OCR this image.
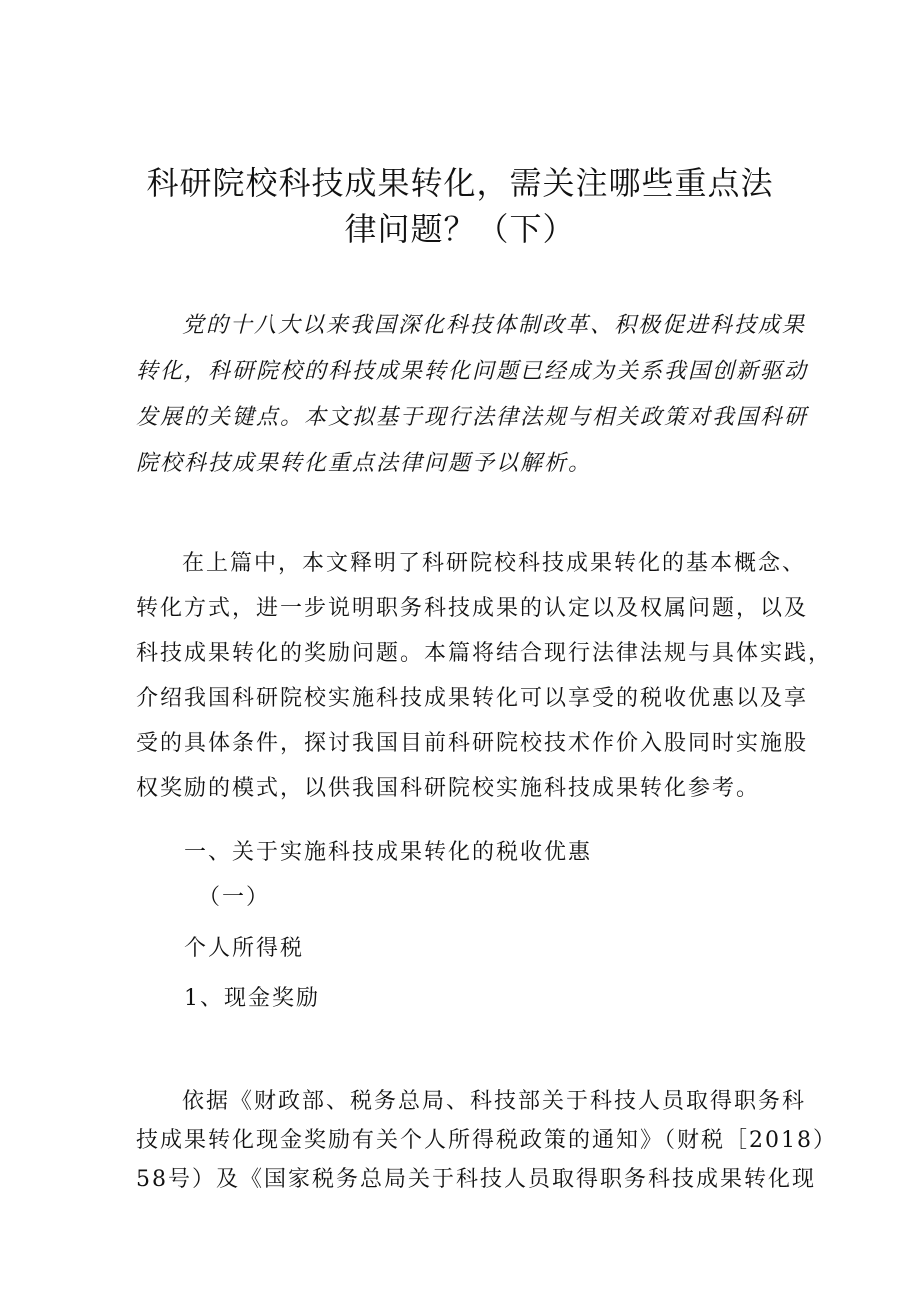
科研院校科技成果转化，需关注哪些重点法
律问题？（下）
党的十八大以来我国深化科技体制改革、积极促进科技成果
转化，科研院校的科技成果转化问题已经成为关系我国创新驱动
发展的关键点。本文拟基于现行法律法规与相关政策对我国科研
院校科技成果转化重点法律问题予以解析。
在上篇中，本文释明了科研院校科技成果转化的基本概念、
转化方式，进一步说明职务科技成果的认定以及权属问题，以及
科技成果转化的奖励问题。本篇将结合现行法律法规与具体实践，
介绍我国科研院校实施科技成果转化可以享受的税收优惠以及享
受的具体条件，探讨我国目前科研院校技术作价入股同时实施股
权奖励的模式，以供我国科研院校实施科技成果转化参考。
一、关于实施科技成果转化的税收优惠
（一）
个人所得税
1、现金奖励
依据《财政部、税务总局、科技部关于科技人员取得职务科
技成果转化现金奖励有关个人所得税政策的通知》（财税［2018）
58号）及《国家税务总局关于科技人员取得职务科技成果转化现
